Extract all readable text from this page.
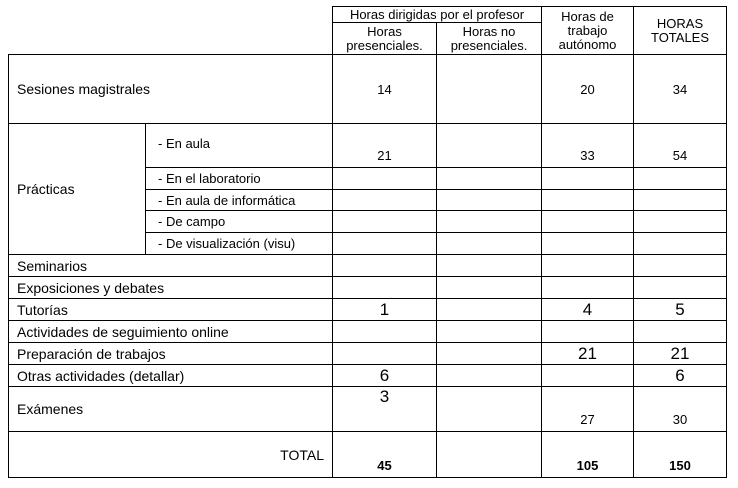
		Horas dirigidas por el profesor		Horas de trabajo autónomo	HORAS TOTALES
		Horas presenciales.	Horas no presenciales.		
Sesiones magistrales		14		20	34
Prácticas	- En aula	21		33	54
	- En el laboratorio				
	- En aula de informática				
	- De campo				
	- De visualización (visu)				
Seminarios					
Exposiciones y debates					
Tutorías		1		4	5
Actividades de seguimiento online					
Preparación de trabajos				21	21
Otras actividades (detallar)		6			6
Exámenes		3		27	30
TOTAL		45		105	150
